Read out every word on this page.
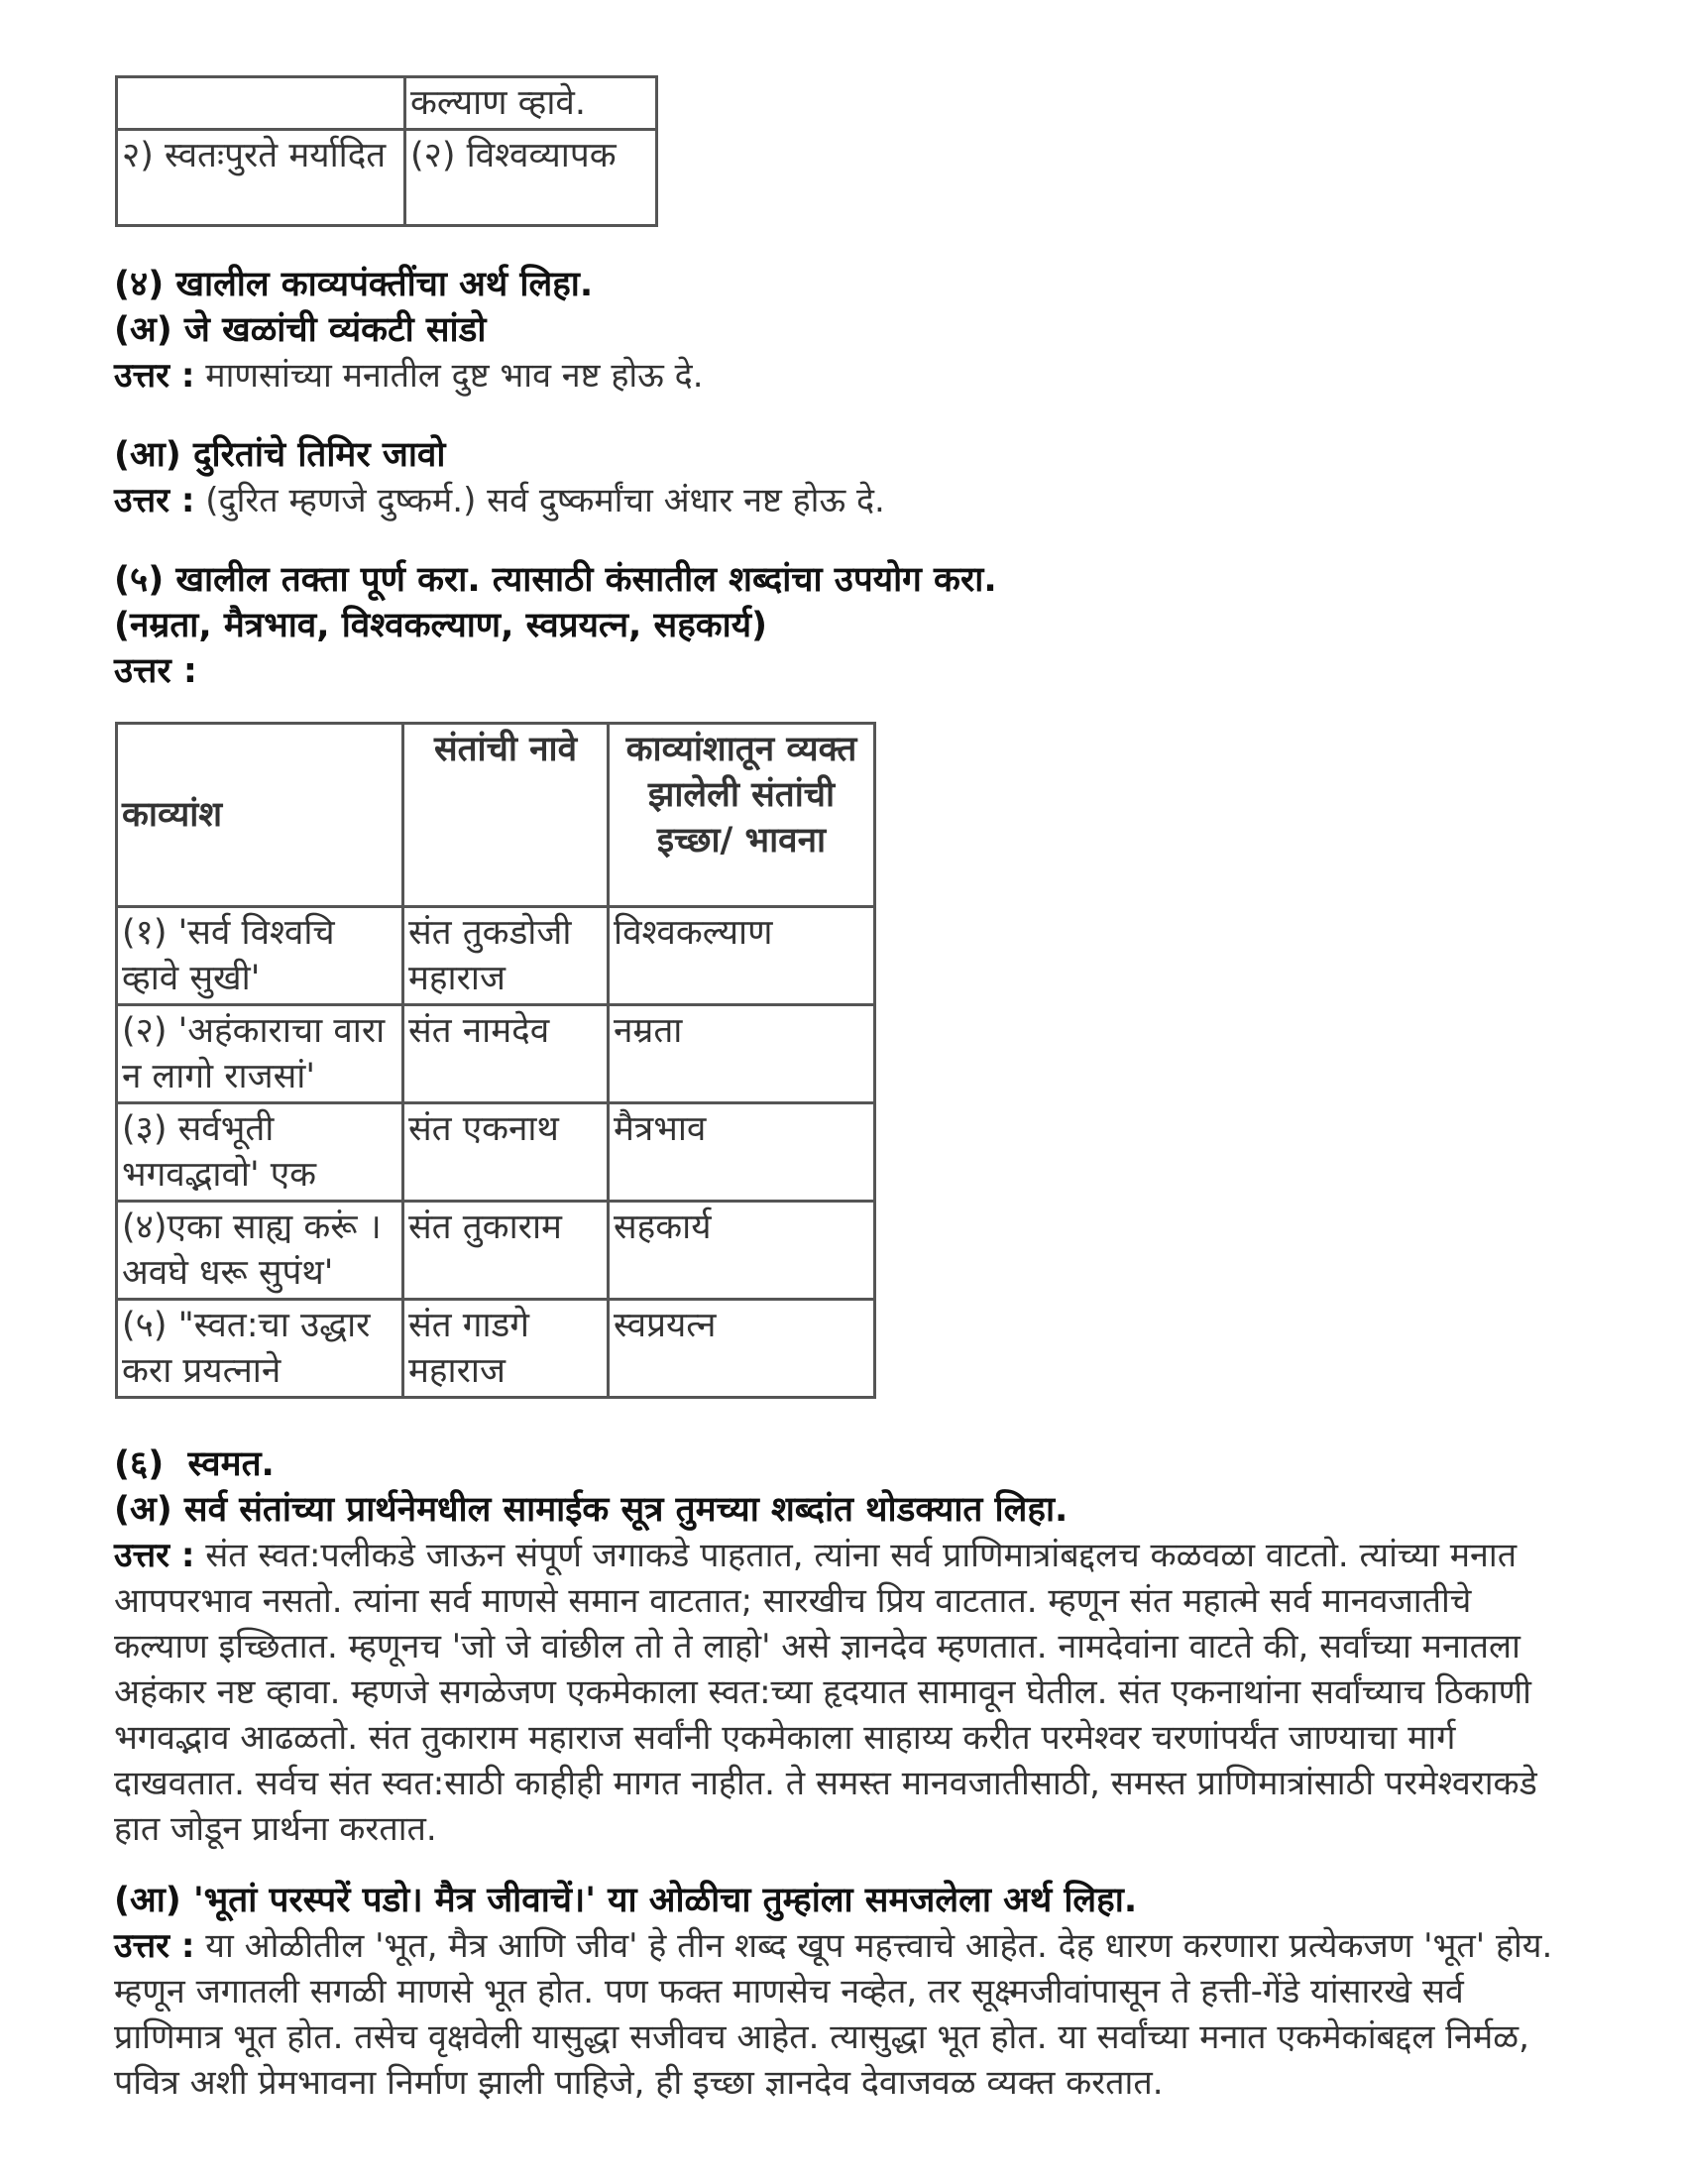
	कल्याण व्हावे.
२) स्वतःपुरते मर्यादित	(२) विश्वव्यापक
(४) खालील काव्यपंक्तींचा अर्थ लिहा.
(अ) जे खळांची व्यंकटी सांडो
उत्तर : माणसांच्या मनातील दुष्ट भाव नष्ट होऊ दे.
(आ) दुरितांचे तिमिर जावो
उत्तर : (दुरित म्हणजे दुष्कर्म.) सर्व दुष्कर्मांचा अंधार नष्ट होऊ दे.
(५) खालील तक्ता पूर्ण करा. त्यासाठी कंसातील शब्दांचा उपयोग करा.
(नम्रता, मैत्रभाव, विश्वकल्याण, स्वप्रयत्न, सहकार्य)
उत्तर :
काव्यांश	संतांची नावे	काव्यांशातून व्यक्त झालेली संतांची इच्छा/ भावना
(१) 'सर्व विश्वचि व्हावे सुखी'	संत तुकडोजी महाराज	विश्वकल्याण
(२) 'अहंकाराचा वारा न लागो राजसां'	संत नामदेव	नम्रता
(३) सर्वभूती भगवद्भावो' एक	संत एकनाथ	मैत्रभाव
(४)एका साह्य करूं । अवघे धरू सुपंथ'	संत तुकाराम	सहकार्य
(५) "स्वत:चा उद्धार करा प्रयत्नाने	संत गाडगे महाराज	स्वप्रयत्न
(६)  स्वमत.
(अ) सर्व संतांच्या प्रार्थनेमधील सामाईक सूत्र तुमच्या शब्दांत थोडक्यात लिहा.
उत्तर : संत स्वत:पलीकडे जाऊन संपूर्ण जगाकडे पाहतात, त्यांना सर्व प्राणिमात्रांबद्दलच कळवळा वाटतो. त्यांच्या मनात आपपरभाव नसतो. त्यांना सर्व माणसे समान वाटतात; सारखीच प्रिय वाटतात. म्हणून संत महात्मे सर्व मानवजातीचे कल्याण इच्छितात. म्हणूनच 'जो जे वांछील तो ते लाहो' असे ज्ञानदेव म्हणतात. नामदेवांना वाटते की, सर्वांच्या मनातला अहंकार नष्ट व्हावा. म्हणजे सगळेजण एकमेकाला स्वत:च्या हृदयात सामावून घेतील. संत एकनाथांना सर्वांच्याच ठिकाणी भगवद्भाव आढळतो. संत तुकाराम महाराज सर्वांनी एकमेकाला साहाय्य करीत परमेश्वर चरणांपर्यंत जाण्याचा मार्ग दाखवतात. सर्वच संत स्वत:साठी काहीही मागत नाहीत. ते समस्त मानवजातीसाठी, समस्त प्राणिमात्रांसाठी परमेश्वराकडे हात जोडून प्रार्थना करतात.
(आ) 'भूतां परस्परें पडो। मैत्र जीवाचें।' या ओळीचा तुम्हांला समजलेला अर्थ लिहा.
उत्तर : या ओळीतील 'भूत, मैत्र आणि जीव' हे तीन शब्द खूप महत्त्वाचे आहेत. देह धारण करणारा प्रत्येकजण 'भूत' होय. म्हणून जगातली सगळी माणसे भूत होत. पण फक्त माणसेच नव्हेत, तर सूक्ष्मजीवांपासून ते हत्ती-गेंडे यांसारखे सर्व प्राणिमात्र भूत होत. तसेच वृक्षवेली यासुद्धा सजीवच आहेत. त्यासुद्धा भूत होत. या सर्वांच्या मनात एकमेकांबद्दल निर्मळ, पवित्र अशी प्रेमभावना निर्माण झाली पाहिजे, ही इच्छा ज्ञानदेव देवाजवळ व्यक्त करतात.
